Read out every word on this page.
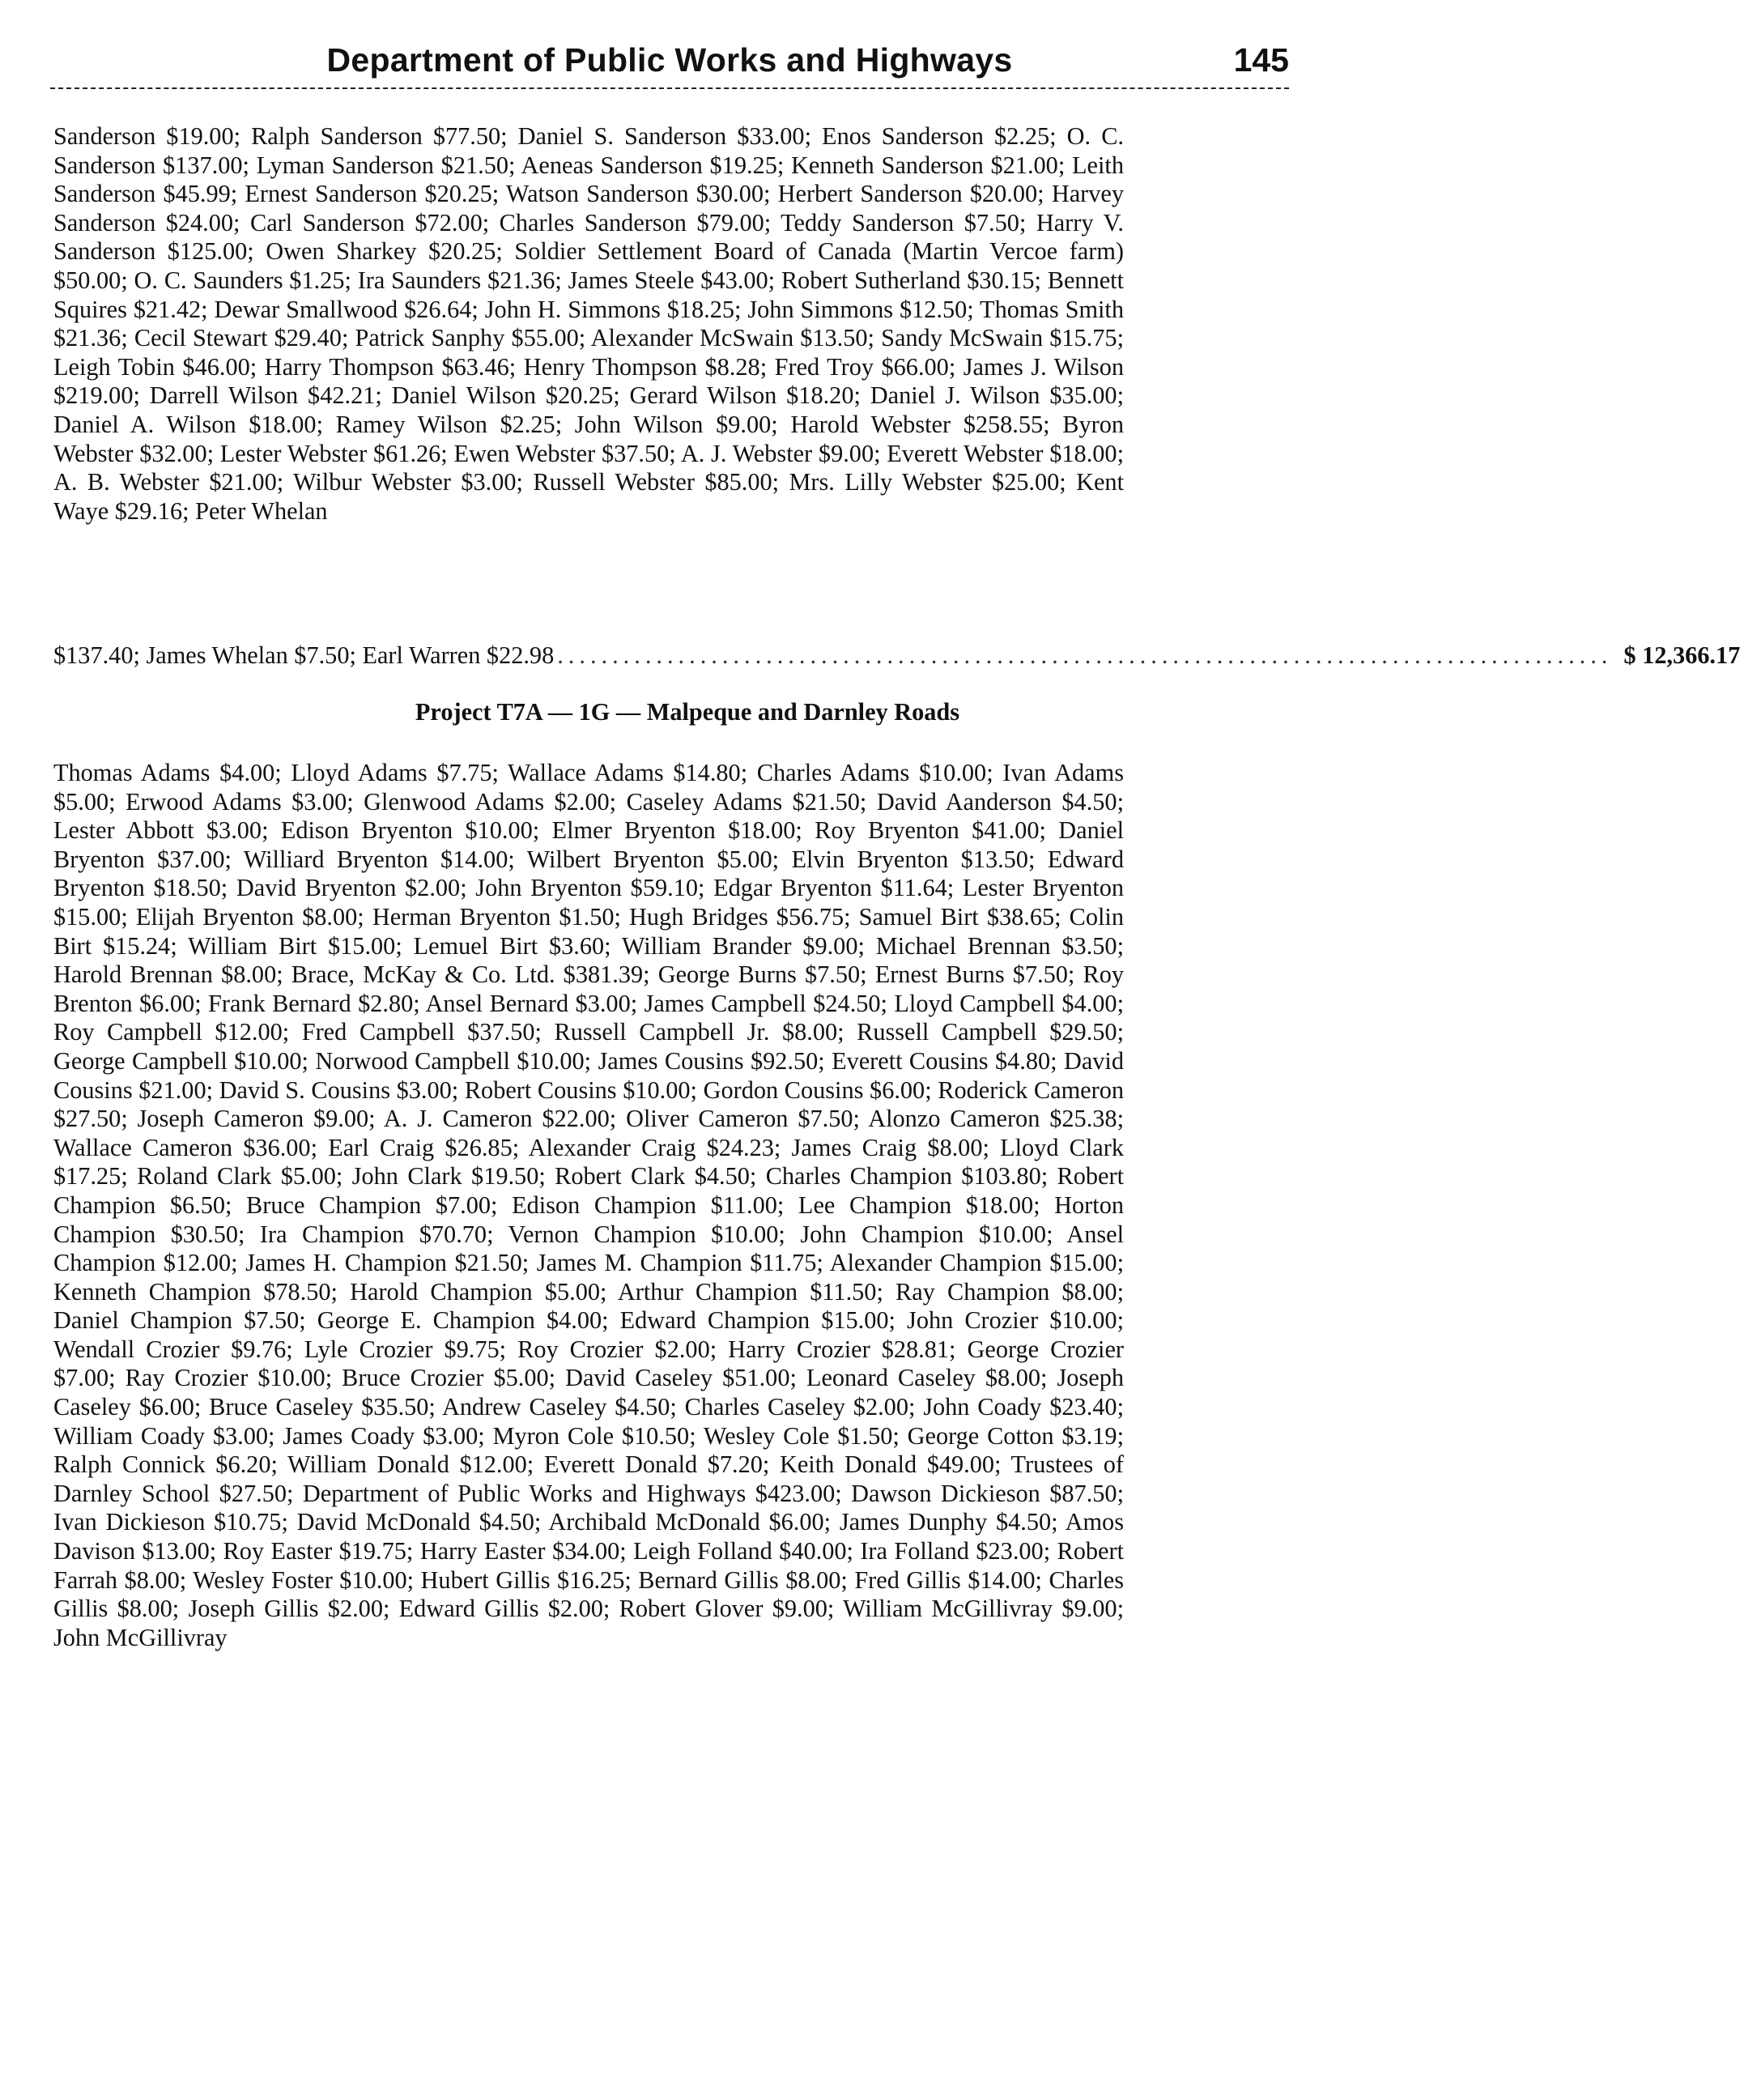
Department of Public Works and Highways	145
Sanderson $19.00; Ralph Sanderson $77.50; Daniel S. Sanderson $33.00; Enos Sanderson $2.25; O. C. Sanderson $137.00; Lyman Sanderson $21.50; Aeneas Sanderson $19.25; Kenneth Sanderson $21.00; Leith Sanderson $45.99; Ernest Sanderson $20.25; Watson Sanderson $30.00; Herbert Sanderson $20.00; Harvey Sanderson $24.00; Carl Sanderson $72.00; Charles Sanderson $79.00; Teddy Sanderson $7.50; Harry V. Sanderson $125.00; Owen Sharkey $20.25; Soldier Settlement Board of Canada (Martin Vercoe farm) $50.00; O. C. Saunders $1.25; Ira Saunders $21.36; James Steele $43.00; Robert Sutherland $30.15; Bennett Squires $21.42; Dewar Smallwood $26.64; John H. Simmons $18.25; John Simmons $12.50; Thomas Smith $21.36; Cecil Stewart $29.40; Patrick Sanphy $55.00; Alexander McSwain $13.50; Sandy McSwain $15.75; Leigh Tobin $46.00; Harry Thompson $63.46; Henry Thompson $8.28; Fred Troy $66.00; James J. Wilson $219.00; Darrell Wilson $42.21; Daniel Wilson $20.25; Gerard Wilson $18.20; Daniel J. Wilson $35.00; Daniel A. Wilson $18.00; Ramey Wilson $2.25; John Wilson $9.00; Harold Webster $258.55; Byron Webster $32.00; Lester Webster $61.26; Ewen Webster $37.50; A. J. Webster $9.00; Everett Webster $18.00; A. B. Webster $21.00; Wilbur Webster $3.00; Russell Webster $85.00; Mrs. Lilly Webster $25.00; Kent Waye $29.16; Peter Whelan
$137.40; James Whelan $7.50; Earl Warren $22.98 ................................................................................................ $ 12,366.17
Project T7A — 1G — Malpeque and Darnley Roads
Thomas Adams $4.00; Lloyd Adams $7.75; Wallace Adams $14.80; Charles Adams $10.00; Ivan Adams $5.00; Erwood Adams $3.00; Glenwood Adams $2.00; Caseley Adams $21.50; David Aanderson $4.50; Lester Abbott $3.00; Edison Bryenton $10.00; Elmer Bryenton $18.00; Roy Bryenton $41.00; Daniel Bryenton $37.00; Williard Bryenton $14.00; Wilbert Bryenton $5.00; Elvin Bryenton $13.50; Edward Bryenton $18.50; David Bryenton $2.00; John Bryenton $59.10; Edgar Bryenton $11.64; Lester Bryenton $15.00; Elijah Bryenton $8.00; Herman Bryenton $1.50; Hugh Bridges $56.75; Samuel Birt $38.65; Colin Birt $15.24; William Birt $15.00; Lemuel Birt $3.60; William Brander $9.00; Michael Brennan $3.50; Harold Brennan $8.00; Brace, McKay & Co. Ltd. $381.39; George Burns $7.50; Ernest Burns $7.50; Roy Brenton $6.00; Frank Bernard $2.80; Ansel Bernard $3.00; James Campbell $24.50; Lloyd Campbell $4.00; Roy Campbell $12.00; Fred Campbell $37.50; Russell Campbell Jr. $8.00; Russell Campbell $29.50; George Campbell $10.00; Norwood Campbell $10.00; James Cousins $92.50; Everett Cousins $4.80; David Cousins $21.00; David S. Cousins $3.00; Robert Cousins $10.00; Gordon Cousins $6.00; Roderick Cameron $27.50; Joseph Cameron $9.00; A. J. Cameron $22.00; Oliver Cameron $7.50; Alonzo Cameron $25.38; Wallace Cameron $36.00; Earl Craig $26.85; Alexander Craig $24.23; James Craig $8.00; Lloyd Clark $17.25; Roland Clark $5.00; John Clark $19.50; Robert Clark $4.50; Charles Champion $103.80; Robert Champion $6.50; Bruce Champion $7.00; Edison Champion $11.00; Lee Champion $18.00; Horton Champion $30.50; Ira Champion $70.70; Vernon Champion $10.00; John Champion $10.00; Ansel Champion $12.00; James H. Champion $21.50; James M. Champion $11.75; Alexander Champion $15.00; Kenneth Champion $78.50; Harold Champion $5.00; Arthur Champion $11.50; Ray Champion $8.00; Daniel Champion $7.50; George E. Champion $4.00; Edward Champion $15.00; John Crozier $10.00; Wendall Crozier $9.76; Lyle Crozier $9.75; Roy Crozier $2.00; Harry Crozier $28.81; George Crozier $7.00; Ray Crozier $10.00; Bruce Crozier $5.00; David Caseley $51.00; Leonard Caseley $8.00; Joseph Caseley $6.00; Bruce Caseley $35.50; Andrew Caseley $4.50; Charles Caseley $2.00; John Coady $23.40; William Coady $3.00; James Coady $3.00; Myron Cole $10.50; Wesley Cole $1.50; George Cotton $3.19; Ralph Connick $6.20; William Donald $12.00; Everett Donald $7.20; Keith Donald $49.00; Trustees of Darnley School $27.50; Department of Public Works and Highways $423.00; Dawson Dickieson $87.50; Ivan Dickieson $10.75; David McDonald $4.50; Archibald McDonald $6.00; James Dunphy $4.50; Amos Davison $13.00; Roy Easter $19.75; Harry Easter $34.00; Leigh Folland $40.00; Ira Folland $23.00; Robert Farrah $8.00; Wesley Foster $10.00; Hubert Gillis $16.25; Bernard Gillis $8.00; Fred Gillis $14.00; Charles Gillis $8.00; Joseph Gillis $2.00; Edward Gillis $2.00; Robert Glover $9.00; William McGillivray $9.00; John McGillivray
